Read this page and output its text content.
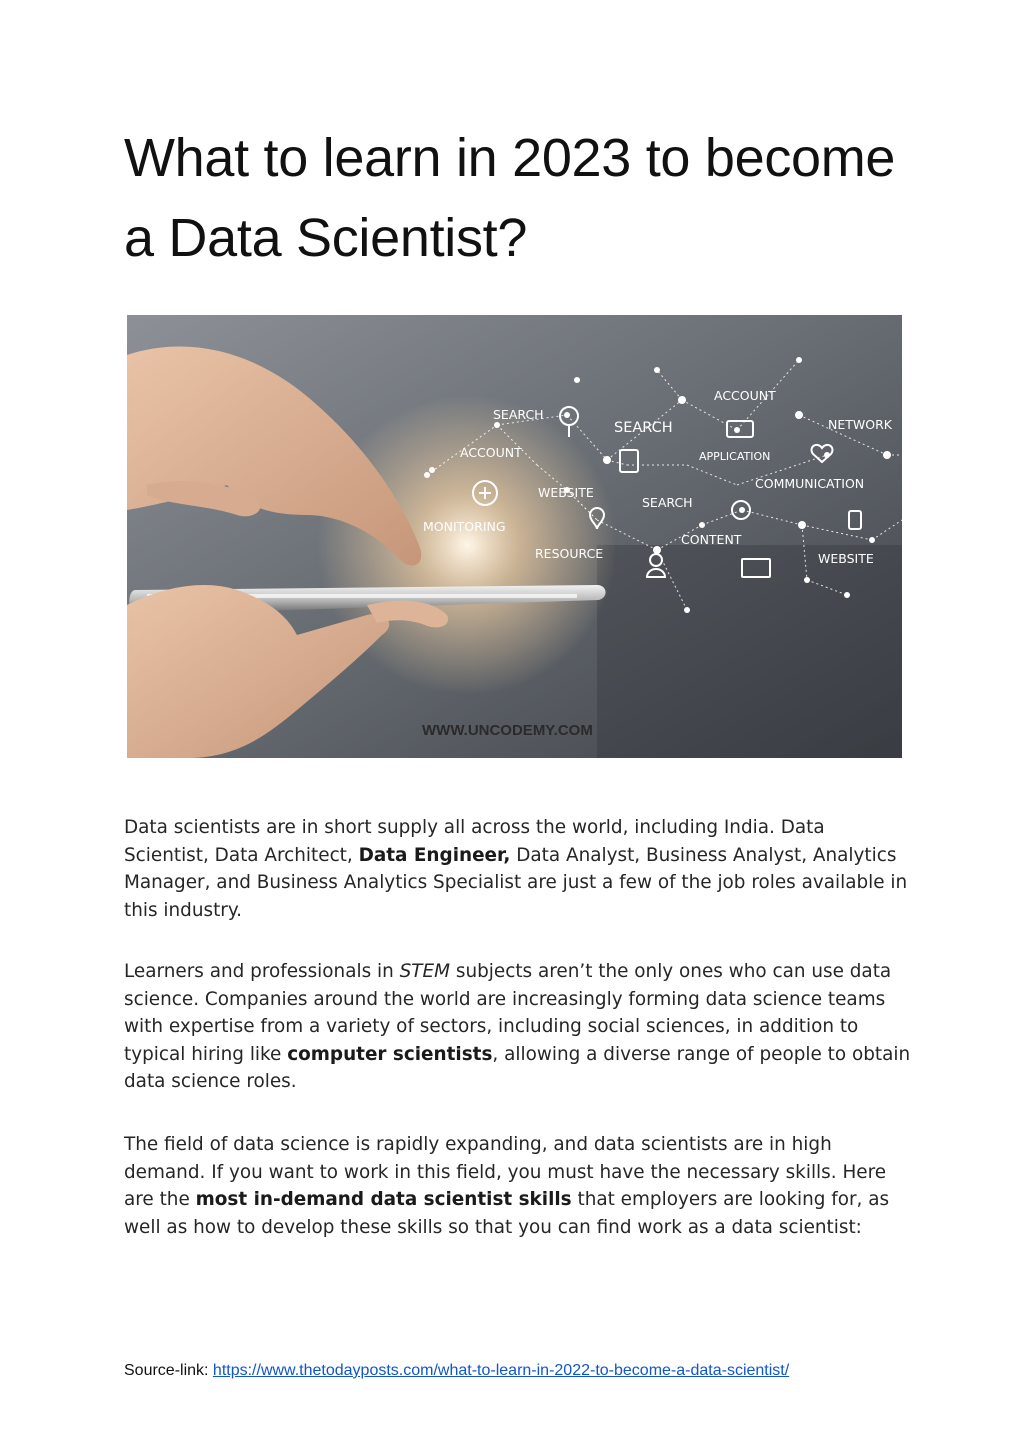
What to learn in 2023 to become a Data Scientist?
SEARCH
ACCOUNT
WEBSITE
MONITORING
RESOURCE
SEARCH
ACCOUNT
NETWORK
APPLICATION
COMMUNICATION
SEARCH
CONTENT
WEBSITE
WWW.UNCODEMY.COM

Data scientists are in short supply all across the world, including India. Data Scientist, Data Architect, Data Engineer, Data Analyst, Business Analyst, Analytics Manager, and Business Analytics Specialist are just a few of the job roles available in this industry.

Learners and professionals in STEM subjects aren’t the only ones who can use data science. Companies around the world are increasingly forming data science teams with expertise from a variety of sectors, including social sciences, in addition to typical hiring like computer scientists, allowing a diverse range of people to obtain data science roles.

The field of data science is rapidly expanding, and data scientists are in high demand. If you want to work in this field, you must have the necessary skills. Here are the most in-demand data scientist skills that employers are looking for, as well as how to develop these skills so that you can find work as a data scientist:

Source-link: https://www.thetodayposts.com/what-to-learn-in-2022-to-become-a-data-scientist/
